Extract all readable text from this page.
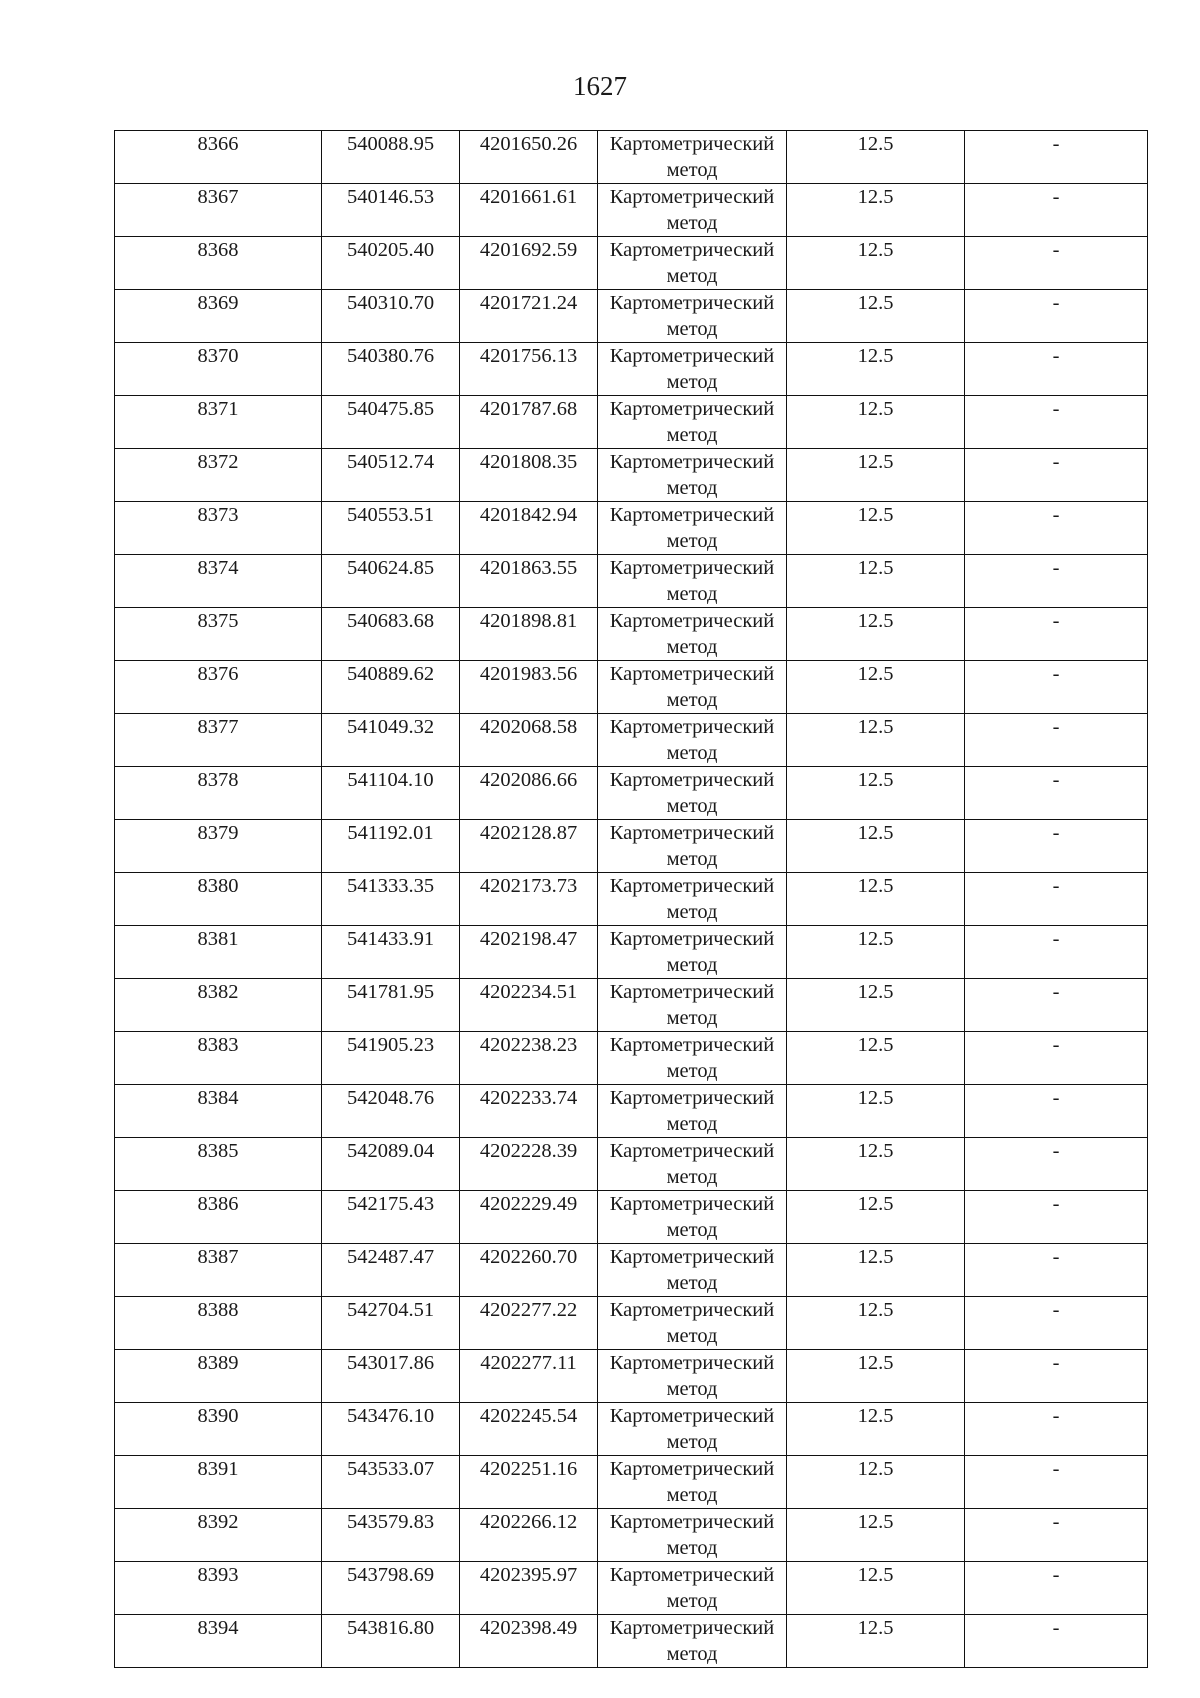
1627
8366	540088.95	4201650.26	Картометрический
метод	12.5	-
8367	540146.53	4201661.61	Картометрический
метод	12.5	-
8368	540205.40	4201692.59	Картометрический
метод	12.5	-
8369	540310.70	4201721.24	Картометрический
метод	12.5	-
8370	540380.76	4201756.13	Картометрический
метод	12.5	-
8371	540475.85	4201787.68	Картометрический
метод	12.5	-
8372	540512.74	4201808.35	Картометрический
метод	12.5	-
8373	540553.51	4201842.94	Картометрический
метод	12.5	-
8374	540624.85	4201863.55	Картометрический
метод	12.5	-
8375	540683.68	4201898.81	Картометрический
метод	12.5	-
8376	540889.62	4201983.56	Картометрический
метод	12.5	-
8377	541049.32	4202068.58	Картометрический
метод	12.5	-
8378	541104.10	4202086.66	Картометрический
метод	12.5	-
8379	541192.01	4202128.87	Картометрический
метод	12.5	-
8380	541333.35	4202173.73	Картометрический
метод	12.5	-
8381	541433.91	4202198.47	Картометрический
метод	12.5	-
8382	541781.95	4202234.51	Картометрический
метод	12.5	-
8383	541905.23	4202238.23	Картометрический
метод	12.5	-
8384	542048.76	4202233.74	Картометрический
метод	12.5	-
8385	542089.04	4202228.39	Картометрический
метод	12.5	-
8386	542175.43	4202229.49	Картометрический
метод	12.5	-
8387	542487.47	4202260.70	Картометрический
метод	12.5	-
8388	542704.51	4202277.22	Картометрический
метод	12.5	-
8389	543017.86	4202277.11	Картометрический
метод	12.5	-
8390	543476.10	4202245.54	Картометрический
метод	12.5	-
8391	543533.07	4202251.16	Картометрический
метод	12.5	-
8392	543579.83	4202266.12	Картометрический
метод	12.5	-
8393	543798.69	4202395.97	Картометрический
метод	12.5	-
8394	543816.80	4202398.49	Картометрический
метод	12.5	-
